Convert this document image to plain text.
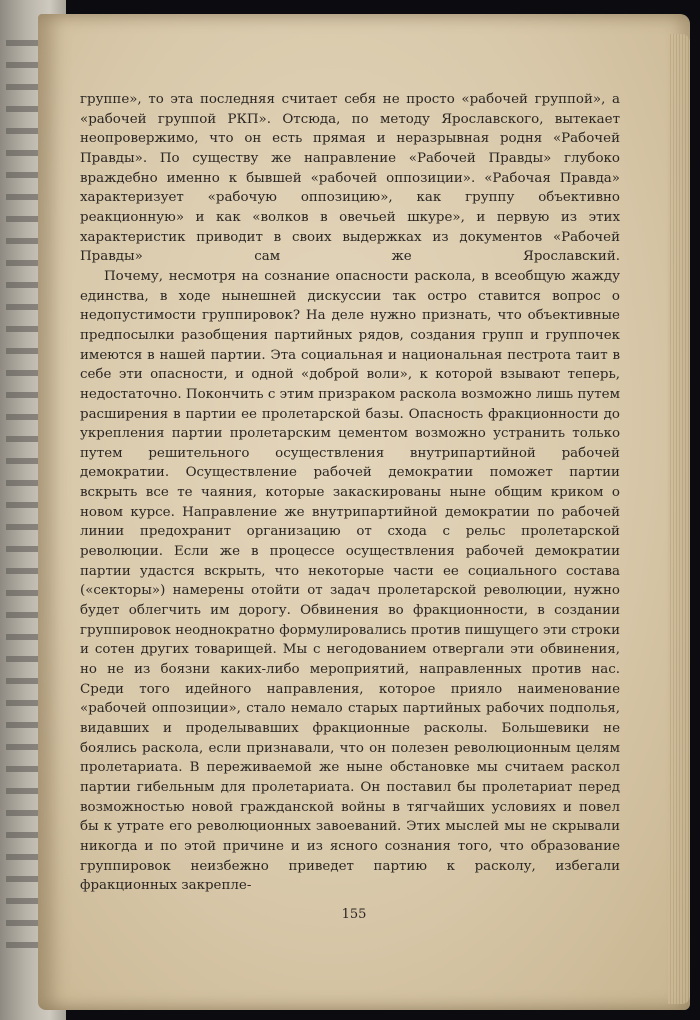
группе», то эта последняя считает себя не просто «рабочей группой», а «рабочей группой РКП». Отсюда, по методу Ярославского, вытекает неопровержимо, что он есть прямая и неразрывная родня «Рабочей Правды». По существу же направление «Рабочей Правды» глубоко враждебно именно к бывшей «рабочей оппозиции». «Рабочая Правда» характеризует «рабочую оппозицию», как группу объективно реакционную» и как «волков в овечьей шкуре», и первую из этих характеристик приводит в своих выдержках из документов «Рабочей Правды» сам же Ярославский.

Почему, несмотря на сознание опасности раскола, в всеобщую жажду единства, в ходе нынешней дискуссии так остро ставится вопрос о недопустимости группировок? На деле нужно признать, что объективные предпосылки разобщения партийных рядов, создания групп и группочек имеются в нашей партии. Эта социальная и национальная пестрота таит в себе эти опасности, и одной «доброй воли», к которой взывают теперь, недостаточно. Покончить с этим призраком раскола возможно лишь путем расширения в партии ее пролетарской базы. Опасность фракционности до укрепления партии пролетарским цементом возможно устранить только путем решительного осуществления внутрипартийной рабочей демократии. Осуществление рабочей демократии поможет партии вскрыть все те чаяния, которые закаскированы ныне общим криком о новом курсе. Направление же внутрипартийной демократии по рабочей линии предохранит организацию от схода с рельс пролетарской революции. Если же в процессе осуществления рабочей демократии партии удастся вскрыть, что некоторые части ее социального состава («секторы») намерены отойти от задач пролетарской революции, нужно будет облегчить им дорогу. Обвинения во фракционности, в создании группировок неоднократно формулировались против пишущего эти строки и сотен других товарищей. Мы с негодованием отвергали эти обвинения, но не из боязни каких-либо мероприятий, направленных против нас. Среди того идейного направления, которое прияло наименование «рабочей оппозиции», стало немало старых партийных рабочих подполья, видавших и проделывавших фракционные расколы. Большевики не боялись раскола, если признавали, что он полезен революционным целям пролетариата. В переживаемой же ныне обстановке мы считаем раскол партии гибельным для пролетариата. Он поставил бы пролетариат перед возможностью новой гражданской войны в тягчайших условиях и повел бы к утрате его революционных завоеваний. Этих мыслей мы не скрывали никогда и по этой причине и из ясного сознания того, что образование группировок неизбежно приведет партию к расколу, избегали фракционных закрепле-

155
